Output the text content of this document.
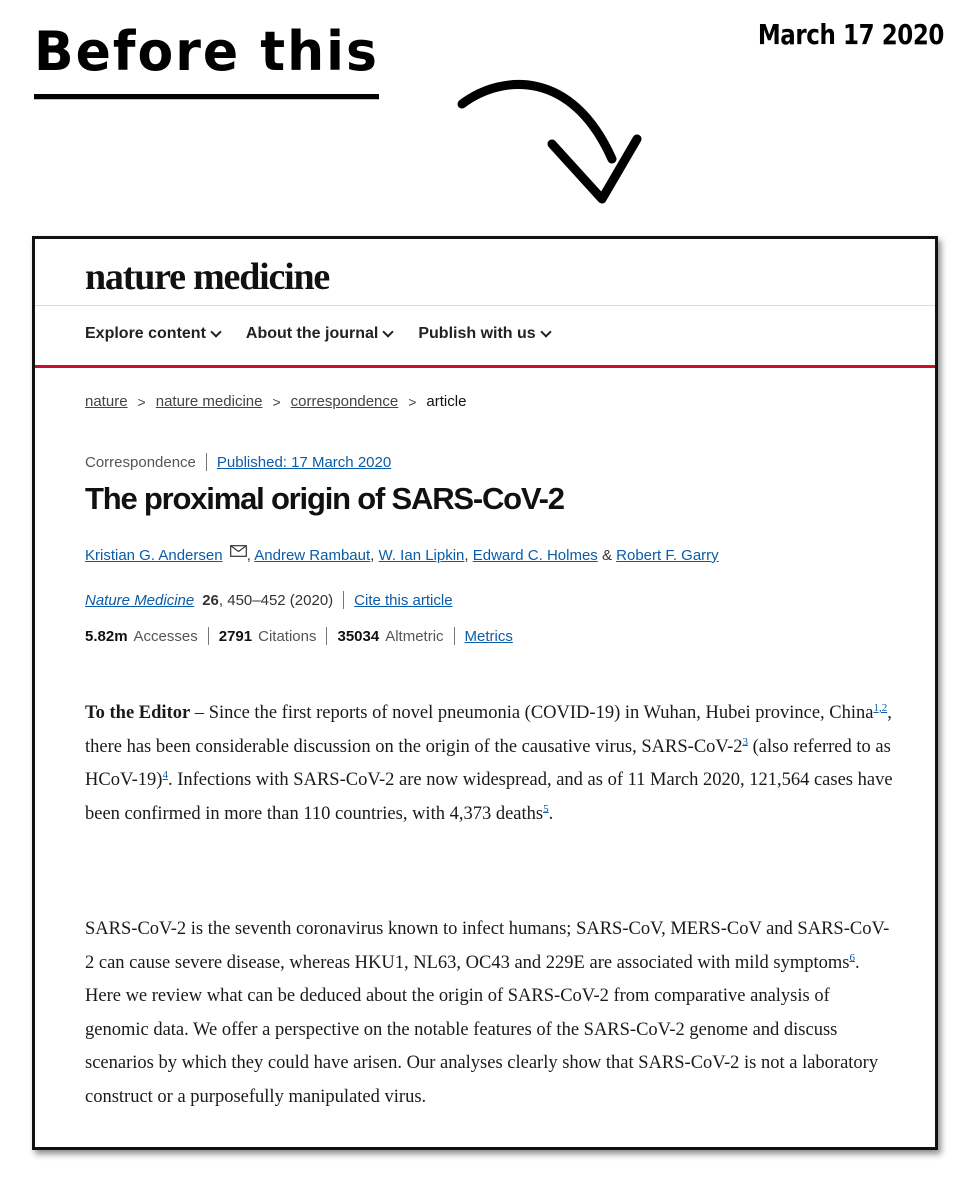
Before this	March 17 2020
nature medicine
Explore content	About the journal	Publish with us
nature > nature medicine > correspondence > article
Correspondence Published: 17 March 2020
The proximal origin of SARS-CoV-2
Kristian G. Andersen , Andrew Rambaut, W. Ian Lipkin, Edward C. Holmes & Robert F. Garry
Nature Medicine 26 , 450–452 (2020) Cite this article
5.82m Accesses 2791 Citations 35034 Altmetric Metrics

To the Editor – Since the first reports of novel pneumonia (COVID-19) in Wuhan, Hubei province, China$^{1,2}$, there has been considerable discussion on the origin of the causative virus, SARS-$CoV-2^3$ (also referred to as HCoV-19)$^4$. Infections with SARS-CoV-2 are now widespread, and as of 11 March 2020, 121,564 cases have been confirmed in more than 110 countries, with 4,373 deaths$^5$.

SARS-CoV-2 is the seventh coronavirus known to infect humans; SARS-CoV, MERS-CoV and SARS-CoV-2 can cause severe disease, whereas HKU1, NL63, OC43 and 229E are associated with mild symptoms$^6$. Here we review what can be deduced about the origin of SARS-CoV-2 from comparative analysis of genomic data. We offer a perspective on the notable features of the SARS-CoV-2 genome and discuss scenarios by which they could have arisen. Our analyses clearly show that SARS-CoV-2 is not a laboratory construct or a purposefully manipulated virus.
